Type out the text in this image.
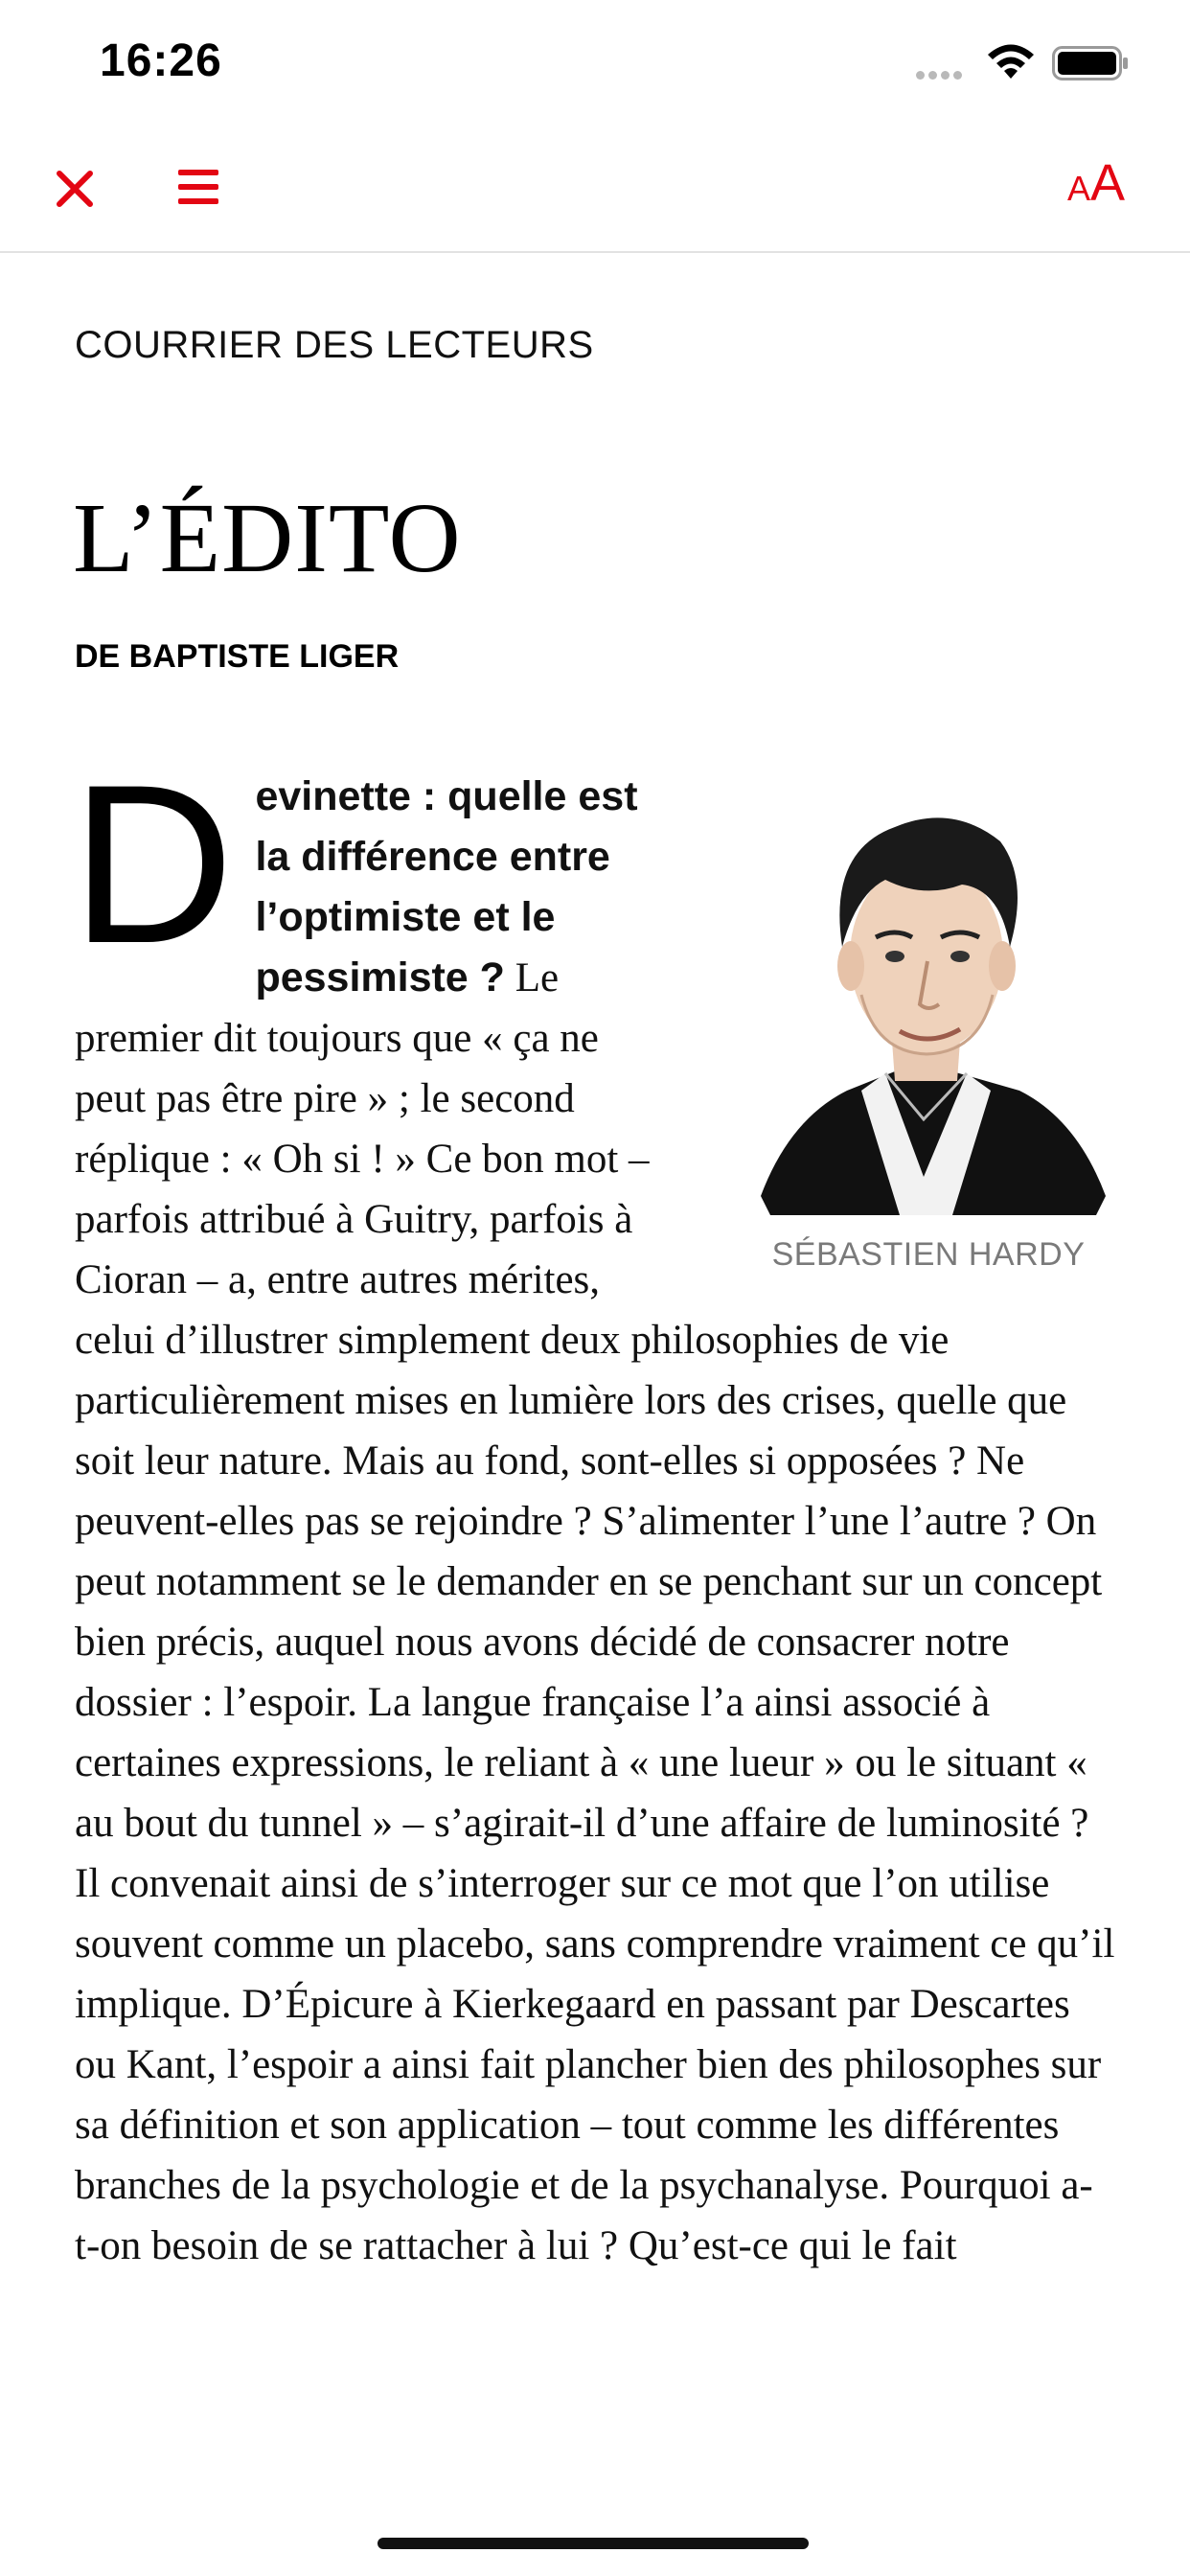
16:26
AA
COURRIER DES LECTEURS
L’ÉDITO
DE BAPTISTE LIGER
SÉBASTIEN HARDY

Devinette : quelle est la différence entre l’optimiste et le pessimiste ? Le premier dit toujours que « ça ne peut pas être pire » ; le second réplique : « Oh si ! » Ce bon mot – parfois attribué à Guitry, parfois à Cioran – a, entre autres mérites, celui d’illustrer simplement deux philosophies de vie particulièrement mises en lumière lors des crises, quelle que soit leur nature. Mais au fond, sont-elles si opposées ? Ne peuvent-elles pas se rejoindre ? S’alimenter l’une l’autre ? On peut notamment se le demander en se penchant sur un concept bien précis, auquel nous avons décidé de consacrer notre dossier : l’espoir. La langue française l’a ainsi associé à certaines expressions, le reliant à « une lueur » ou le situant « au bout du tunnel » – s’agirait-il d’une affaire de luminosité ? Il convenait ainsi de s’interroger sur ce mot que l’on utilise souvent comme un placebo, sans comprendre vraiment ce qu’il implique. D’Épicure à Kierkegaard en passant par Descartes ou Kant, l’espoir a ainsi fait plancher bien des philosophes sur sa définition et son application – tout comme les différentes branches de la psychologie et de la psychanalyse. Pourquoi a-t-on besoin de se rattacher à lui ? Qu’est-ce qui le fait
